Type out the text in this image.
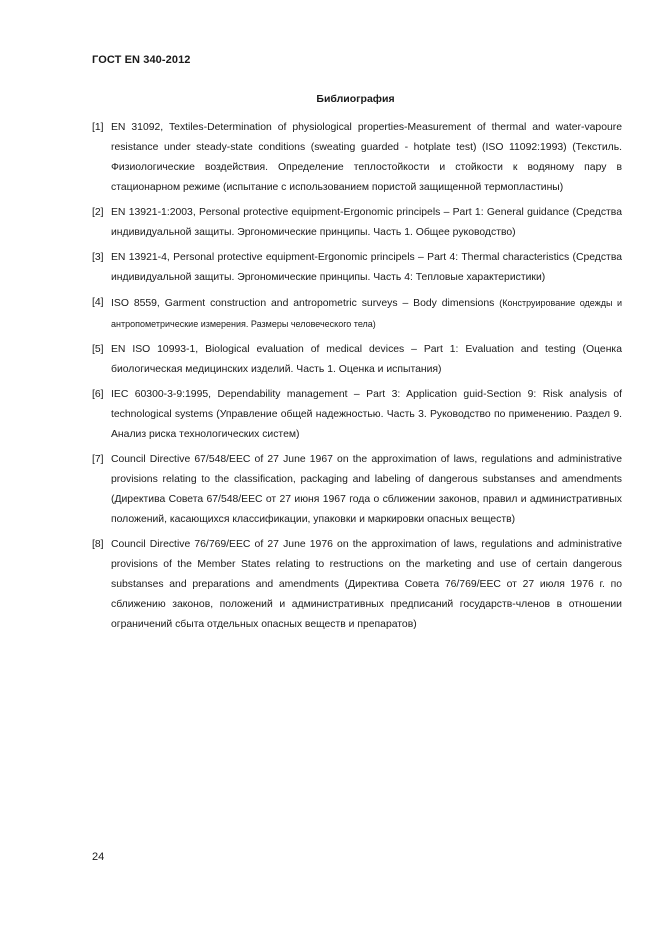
ГОСТ EN 340-2012
Библиография
[1] EN 31092, Textiles-Determination of physiological properties-Measurement of thermal and water-vapoure resistance under steady-state conditions (sweating guarded - hotplate test) (ISO 11092:1993) (Текстиль. Физиологические воздействия. Определение теплостойкости и стойкости к водяному пару в стационарном режиме (испытание с использованием пористой защищенной термопластины)
[2] EN 13921-1:2003, Personal protective equipment-Ergonomic principels – Part 1: General guidance (Средства индивидуальной защиты. Эргономические принципы. Часть 1. Общее руководство)
[3] EN 13921-4, Personal protective equipment-Ergonomic principels – Part 4: Thermal characteristics (Средства индивидуальной защиты. Эргономические принципы. Часть 4: Тепловые характеристики)
[4] ISO 8559, Garment construction and antropometric surveys – Body dimensions (Конструирование одежды и антропометрические измерения. Размеры человеческого тела)
[5] EN ISO 10993-1, Biological evaluation of medical devices – Part 1: Evaluation and testing (Оценка биологическая медицинских изделий. Часть 1. Оценка и испытания)
[6] IEC 60300-3-9:1995, Dependability management – Part 3: Application guid-Section 9: Risk analysis of technological systems (Управление общей надежностью. Часть 3. Руководство по применению. Раздел 9. Анализ риска технологических систем)
[7] Council Directive 67/548/EEC of 27 June 1967 on the approximation of laws, regulations and administrative provisions relating to the classification, packaging and labeling of dangerous substanses and amendments (Директива Совета 67/548/ЕЕС от 27 июня 1967 года о сближении законов, правил и административных положений, касающихся классификации, упаковки и маркировки опасных веществ)
[8] Council Directive 76/769/EEC of 27 June 1976 on the approximation of laws, regulations and administrative provisions of the Member States relating to restructions on the marketing and use of certain dangerous substanses and preparations and amendments (Директива Совета 76/769/ЕЕС от 27 июля 1976 г. по сближению законов, положений и административных предписаний государств-членов в отношении ограничений сбыта отдельных опасных веществ и препаратов)
24
